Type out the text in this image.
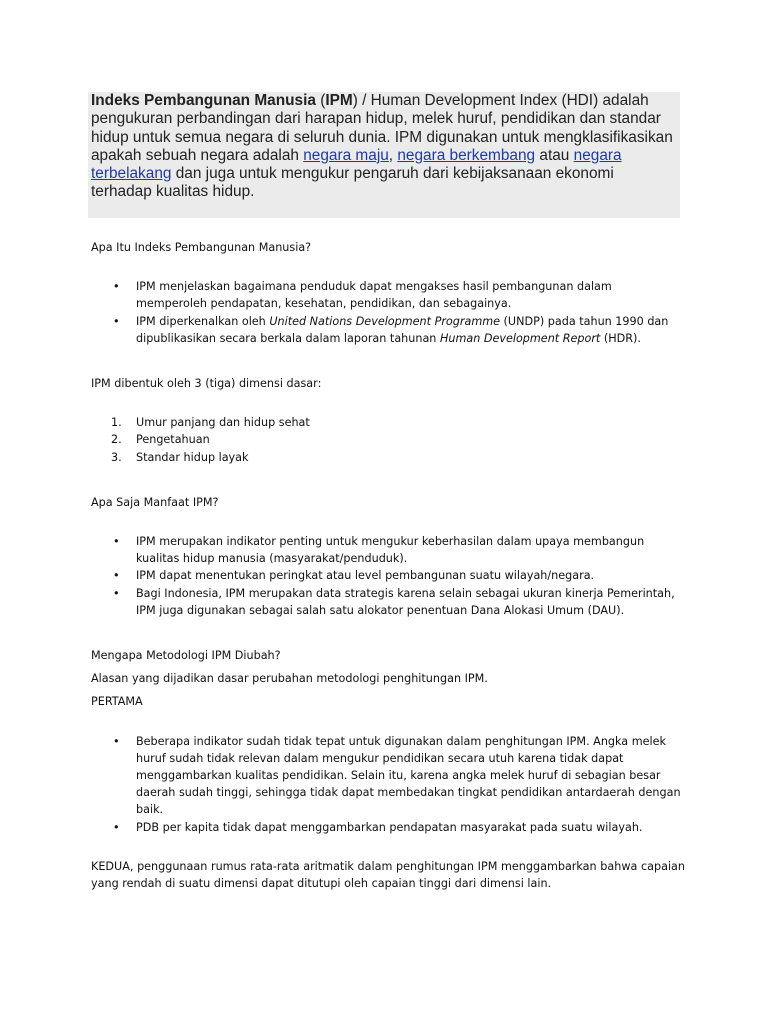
Indeks Pembangunan Manusia (IPM) / Human Development Index (HDI) adalah pengukuran perbandingan dari harapan hidup, melek huruf, pendidikan dan standar hidup untuk semua negara di seluruh dunia. IPM digunakan untuk mengklasifikasikan apakah sebuah negara adalah negara maju, negara berkembang atau negara terbelakang dan juga untuk mengukur pengaruh dari kebijaksanaan ekonomi terhadap kualitas hidup.

Apa Itu Indeks Pembangunan Manusia?

• IPM menjelaskan bagaimana penduduk dapat mengakses hasil pembangunan dalam memperoleh pendapatan, kesehatan, pendidikan, dan sebagainya.
• IPM diperkenalkan oleh United Nations Development Programme (UNDP) pada tahun 1990 dan dipublikasikan secara berkala dalam laporan tahunan Human Development Report (HDR).

IPM dibentuk oleh 3 (tiga) dimensi dasar:

1. Umur panjang dan hidup sehat
2. Pengetahuan
3. Standar hidup layak

Apa Saja Manfaat IPM?

• IPM merupakan indikator penting untuk mengukur keberhasilan dalam upaya membangun kualitas hidup manusia (masyarakat/penduduk).
• IPM dapat menentukan peringkat atau level pembangunan suatu wilayah/negara.
• Bagi Indonesia, IPM merupakan data strategis karena selain sebagai ukuran kinerja Pemerintah, IPM juga digunakan sebagai salah satu alokator penentuan Dana Alokasi Umum (DAU).

Mengapa Metodologi IPM Diubah?

Alasan yang dijadikan dasar perubahan metodologi penghitungan IPM.

PERTAMA

• Beberapa indikator sudah tidak tepat untuk digunakan dalam penghitungan IPM. Angka melek huruf sudah tidak relevan dalam mengukur pendidikan secara utuh karena tidak dapat menggambarkan kualitas pendidikan. Selain itu, karena angka melek huruf di sebagian besar daerah sudah tinggi, sehingga tidak dapat membedakan tingkat pendidikan antardaerah dengan baik.
• PDB per kapita tidak dapat menggambarkan pendapatan masyarakat pada suatu wilayah.

KEDUA, penggunaan rumus rata-rata aritmatik dalam penghitungan IPM menggambarkan bahwa capaian yang rendah di suatu dimensi dapat ditutupi oleh capaian tinggi dari dimensi lain.
